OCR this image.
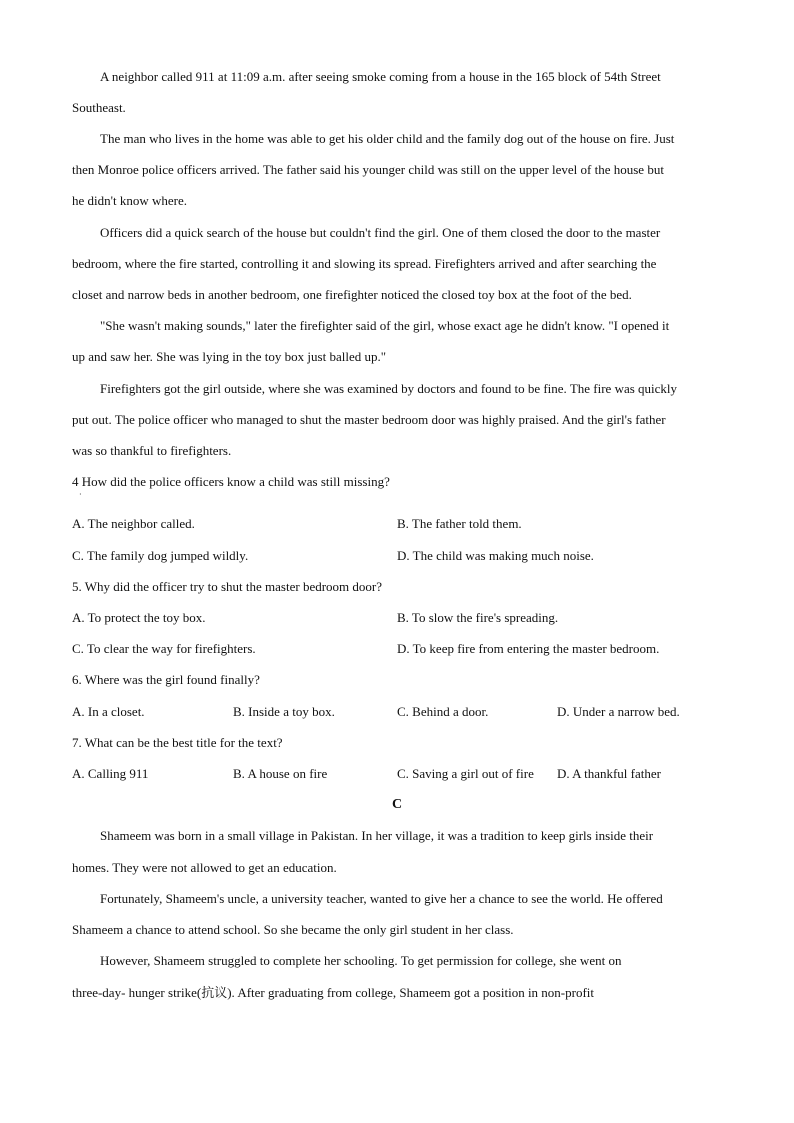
A neighbor called 911 at 11:09 a.m. after seeing smoke coming from a house in the 165 block of 54th Street
Southeast.
The man who lives in the home was able to get his older child and the family dog out of the house on fire. Just
then Monroe police officers arrived. The father said his younger child was still on the upper level of the house but
he didn't know where.
Officers did a quick search of the house but couldn't find the girl. One of them closed the door to the master
bedroom, where the fire started, controlling it and slowing its spread. Firefighters arrived and after searching the
closet and narrow beds in another bedroom, one firefighter noticed the closed toy box at the foot of the bed.
"She wasn't making sounds," later the firefighter said of the girl, whose exact age he didn't know. "I opened it
up and saw her. She was lying in the toy box just balled up."
Firefighters got the girl outside, where she was examined by doctors and found to be fine. The fire was quickly
put out. The police officer who managed to shut the master bedroom door was highly praised. And the girl's father
was so thankful to firefighters.
4 How did the police officers know a child was still missing?
·
A. The neighbor called.	B. The father told them.
C. The family dog jumped wildly.	D. The child was making much noise.
5. Why did the officer try to shut the master bedroom door?
A. To protect the toy box.	B. To slow the fire's spreading.
C. To clear the way for firefighters.	D. To keep fire from entering the master bedroom.
6. Where was the girl found finally?
A. In a closet.	B. Inside a toy box.	C. Behind a door.	D. Under a narrow bed.
7. What can be the best title for the text?
A. Calling 911	B. A house on fire	C. Saving a girl out of fire D. A thankful father
C
Shameem was born in a small village in Pakistan. In her village, it was a tradition to keep girls inside their
homes. They were not allowed to get an education.
Fortunately, Shameem's uncle, a university teacher, wanted to give her a chance to see the world. He offered
Shameem a chance to attend school. So she became the only girl student in her class.
However, Shameem struggled to complete her schooling. To get permission for college, she went on
three-day- hunger strike(抗议). After graduating from college, Shameem got a position in non-profit
